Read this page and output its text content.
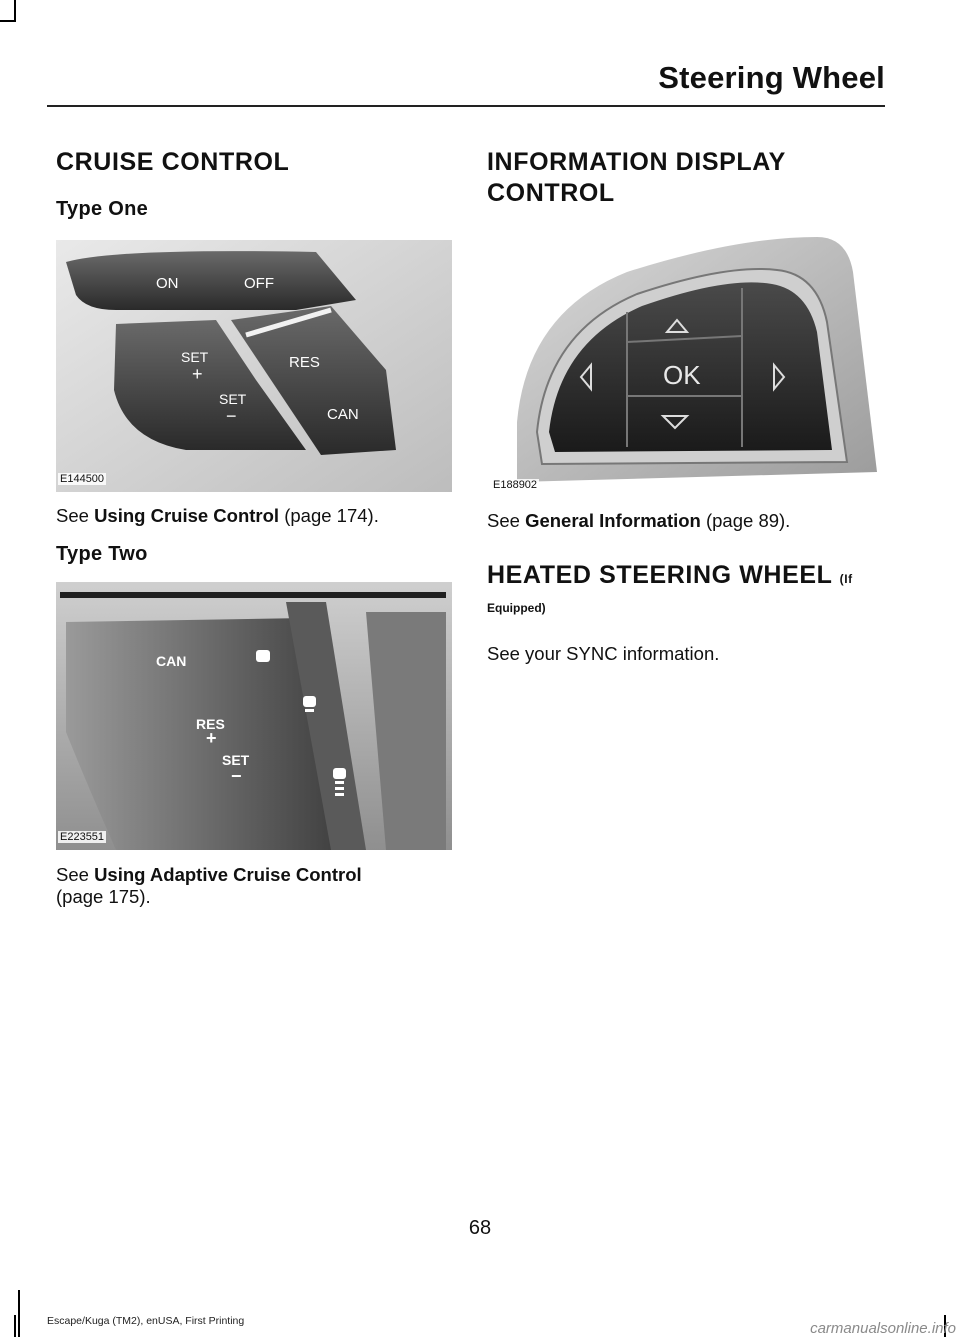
Steering Wheel
CRUISE CONTROL
Type One
ON	OFF
SET
+
SET
−
RES
CAN
E144500

See Using Cruise Control (page 174).

Type Two
CAN
RES
+
SET
−
E223551

See Using Adaptive Cruise Control
(page 175).

INFORMATION DISPLAY
CONTROL
OK
E188902

See General Information (page 89).

HEATED STEERING WHEEL (If
Equipped)

See your SYNC information.

68
Escape/Kuga (TM2), enUSA, First Printing	carmanualsonline.info
